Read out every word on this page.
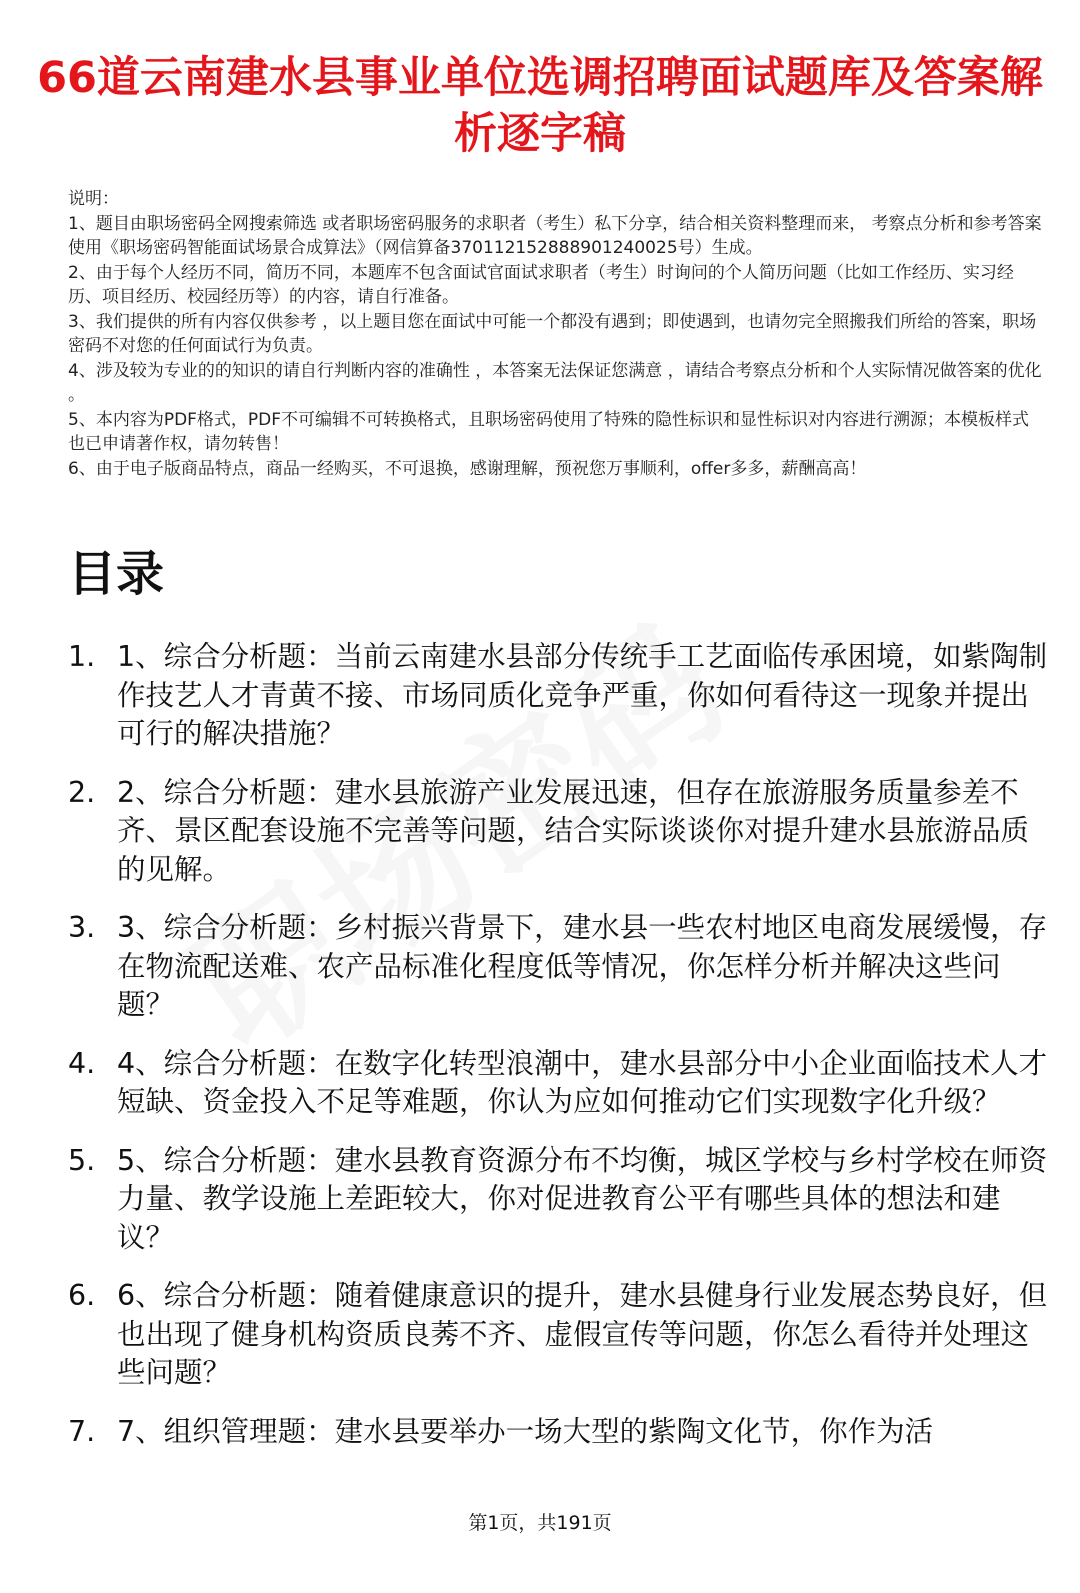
66道云南建水县事业单位选调招聘面试题库及答案解析逐字稿

说明：

1、题目由职场密码全网搜索筛选 或者职场密码服务的求职者（考生）私下分享，结合相关资料整理而来， 考察点分析和参考答案使用《职场密码智能面试场景合成算法》（网信算备370112152888901240025号）生成。

2、由于每个人经历不同，简历不同，本题库不包含面试官面试求职者（考生）时询问的个人简历问题（比如工作经历、实习经历、项目经历、校园经历等）的内容，请自行准备。

3、我们提供的所有内容仅供参考 ，以上题目您在面试中可能一个都没有遇到；即使遇到，也请勿完全照搬我们所给的答案，职场密码不对您的任何面试行为负责。

4、涉及较为专业的的知识的请自行判断内容的准确性 ，本答案无法保证您满意 ，请结合考察点分析和个人实际情况做答案的优化 。

5、本内容为PDF格式，PDF不可编辑不可转换格式，且职场密码使用了特殊的隐性标识和显性标识对内容进行溯源；本模板样式也已申请著作权，请勿转售！

6、由于电子版商品特点，商品一经购买，不可退换，感谢理解，预祝您万事顺利，offer多多，薪酬高高！

目录
1. 1、综合分析题：当前云南建水县部分传统手工艺面临传承困境，如紫陶制作技艺人才青黄不接、市场同质化竞争严重，你如何看待这一现象并提出可行的解决措施？
2. 2、综合分析题：建水县旅游产业发展迅速，但存在旅游服务质量参差不齐、景区配套设施不完善等问题，结合实际谈谈你对提升建水县旅游品质的见解。
3. 3、综合分析题：乡村振兴背景下，建水县一些农村地区电商发展缓慢，存在物流配送难、农产品标准化程度低等情况，你怎样分析并解决这些问题？
4. 4、综合分析题：在数字化转型浪潮中，建水县部分中小企业面临技术人才短缺、资金投入不足等难题，你认为应如何推动它们实现数字化升级？
5. 5、综合分析题：建水县教育资源分布不均衡，城区学校与乡村学校在师资力量、教学设施上差距较大，你对促进教育公平有哪些具体的想法和建议？
6. 6、综合分析题：随着健康意识的提升，建水县健身行业发展态势良好，但也出现了健身机构资质良莠不齐、虚假宣传等问题，你怎么看待并处理这些问题？
7. 7、组织管理题：建水县要举办一场大型的紫陶文化节，你作为活
第1页，共191页
